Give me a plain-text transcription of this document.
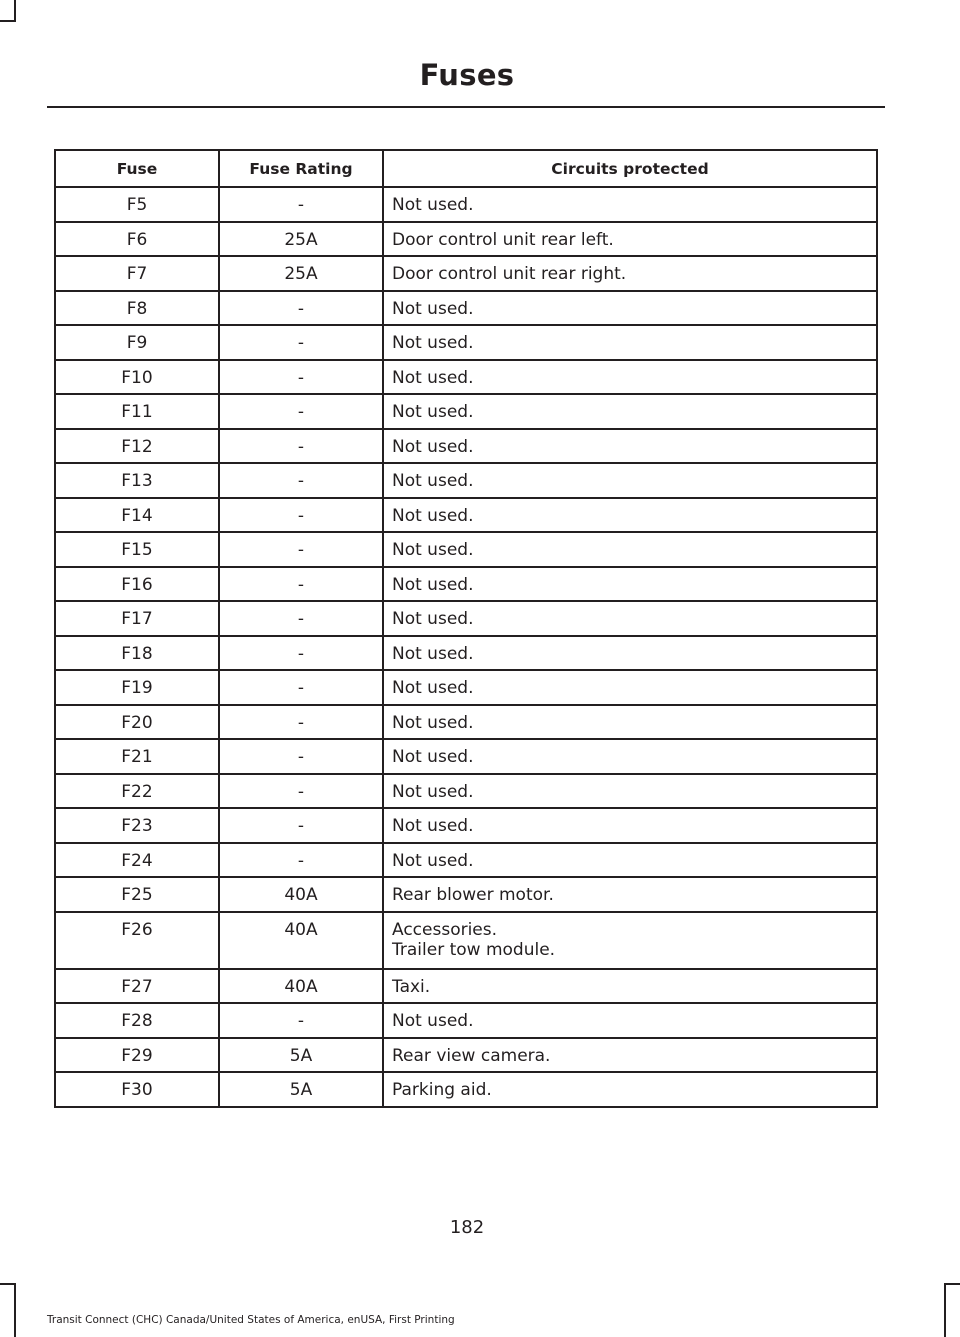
Fuses
Fuse	Fuse Rating	Circuits protected
F5	-	Not used.

F6	25A	Door control unit rear left.

F7	25A	Door control unit rear right.

F8	-	Not used.

F9	-	Not used.

F10	-	Not used.

F11	-	Not used.

F12	-	Not used.

F13	-	Not used.

F14	-	Not used.

F15	-	Not used.

F16	-	Not used.

F17	-	Not used.

F18	-	Not used.

F19	-	Not used.

F20	-	Not used.

F21	-	Not used.

F22	-	Not used.

F23	-	Not used.

F24	-	Not used.

F25	40A	Rear blower motor.

F26	40A	Accessories.
Trailer tow module.

F27	40A	Taxi.

F28	-	Not used.

F29	5A	Rear view camera.

F30	5A	Parking aid.
182
Transit Connect (CHC) Canada/United States of America, enUSA, First Printing
